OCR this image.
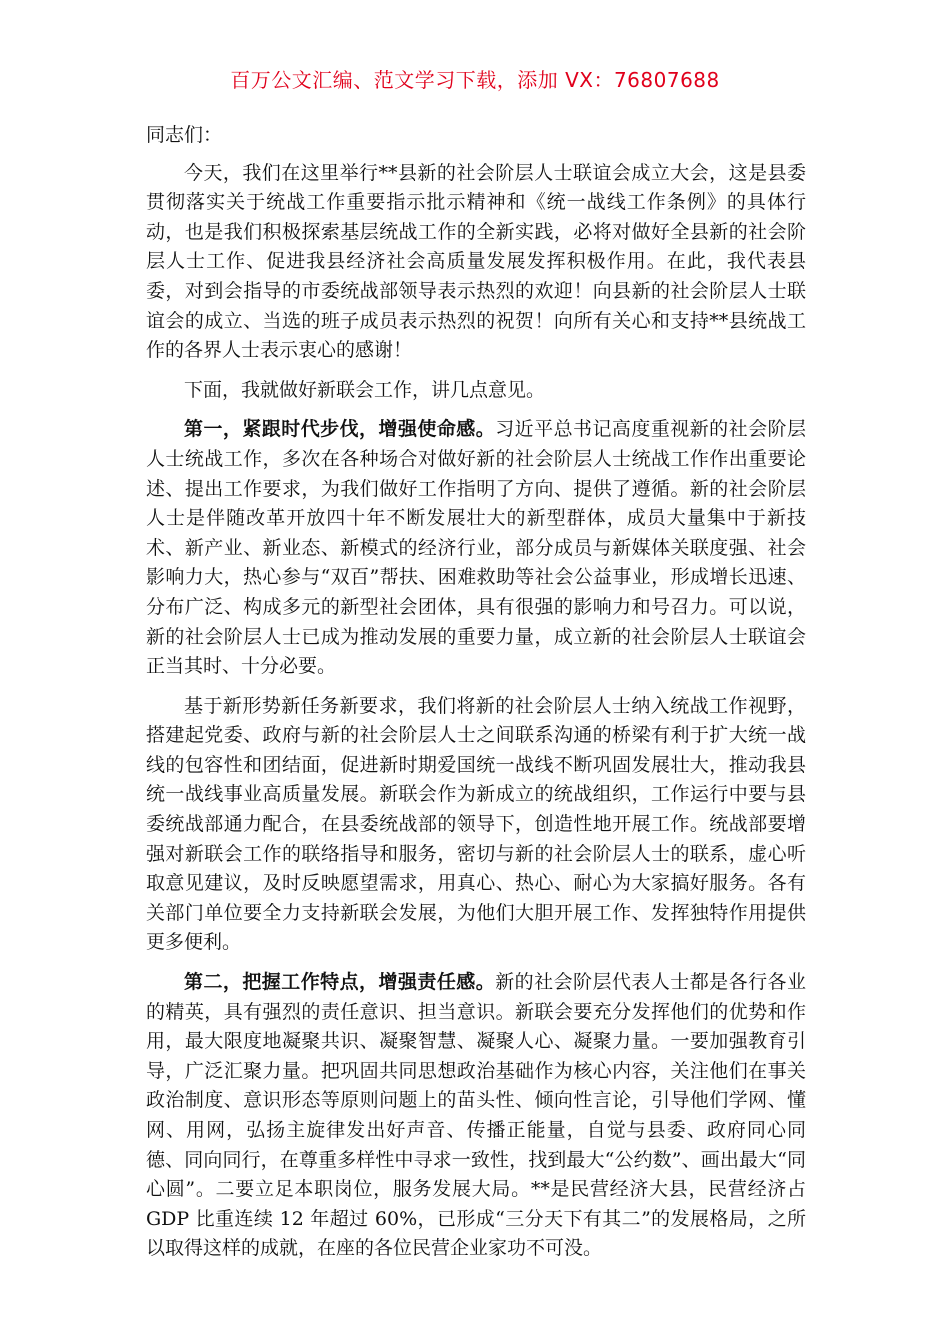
百万公文汇编、范文学习下载，添加 VX：76807688

同志们：

今天，我们在这里举行**县新的社会阶层人士联谊会成立大会，这是县委贯彻落实关于统战工作重要指示批示精神和《统一战线工作条例》的具体行动，也是我们积极探索基层统战工作的全新实践，必将对做好全县新的社会阶层人士工作、促进我县经济社会高质量发展发挥积极作用。在此，我代表县委，对到会指导的市委统战部领导表示热烈的欢迎！向县新的社会阶层人士联谊会的成立、当选的班子成员表示热烈的祝贺！向所有关心和支持**县统战工作的各界人士表示衷心的感谢！

下面，我就做好新联会工作，讲几点意见。

第一，紧跟时代步伐，增强使命感。习近平总书记高度重视新的社会阶层人士统战工作，多次在各种场合对做好新的社会阶层人士统战工作作出重要论述、提出工作要求，为我们做好工作指明了方向、提供了遵循。新的社会阶层人士是伴随改革开放四十年不断发展壮大的新型群体，成员大量集中于新技术、新产业、新业态、新模式的经济行业，部分成员与新媒体关联度强、社会影响力大，热心参与“双百”帮扶、困难救助等社会公益事业，形成增长迅速、分布广泛、构成多元的新型社会团体，具有很强的影响力和号召力。可以说，新的社会阶层人士已成为推动发展的重要力量，成立新的社会阶层人士联谊会正当其时、十分必要。

基于新形势新任务新要求，我们将新的社会阶层人士纳入统战工作视野，搭建起党委、政府与新的社会阶层人士之间联系沟通的桥梁有利于扩大统一战线的包容性和团结面，促进新时期爱国统一战线不断巩固发展壮大，推动我县统一战线事业高质量发展。新联会作为新成立的统战组织，工作运行中要与县委统战部通力配合，在县委统战部的领导下，创造性地开展工作。统战部要增强对新联会工作的联络指导和服务，密切与新的社会阶层人士的联系，虚心听取意见建议，及时反映愿望需求，用真心、热心、耐心为大家搞好服务。各有关部门单位要全力支持新联会发展，为他们大胆开展工作、发挥独特作用提供更多便利。

第二，把握工作特点，增强责任感。新的社会阶层代表人士都是各行各业的精英，具有强烈的责任意识、担当意识。新联会要充分发挥他们的优势和作用，最大限度地凝聚共识、凝聚智慧、凝聚人心、凝聚力量。一要加强教育引导，广泛汇聚力量。把巩固共同思想政治基础作为核心内容，关注他们在事关政治制度、意识形态等原则问题上的苗头性、倾向性言论，引导他们学网、懂网、用网，弘扬主旋律发出好声音、传播正能量，自觉与县委、政府同心同德、同向同行，在尊重多样性中寻求一致性，找到最大“公约数”、画出最大“同心圆”。二要立足本职岗位，服务发展大局。**是民营经济大县，民营经济占 GDP 比重连续 12 年超过 60%，已形成“三分天下有其二”的发展格局，之所以取得这样的成就，在座的各位民营企业家功不可没。
